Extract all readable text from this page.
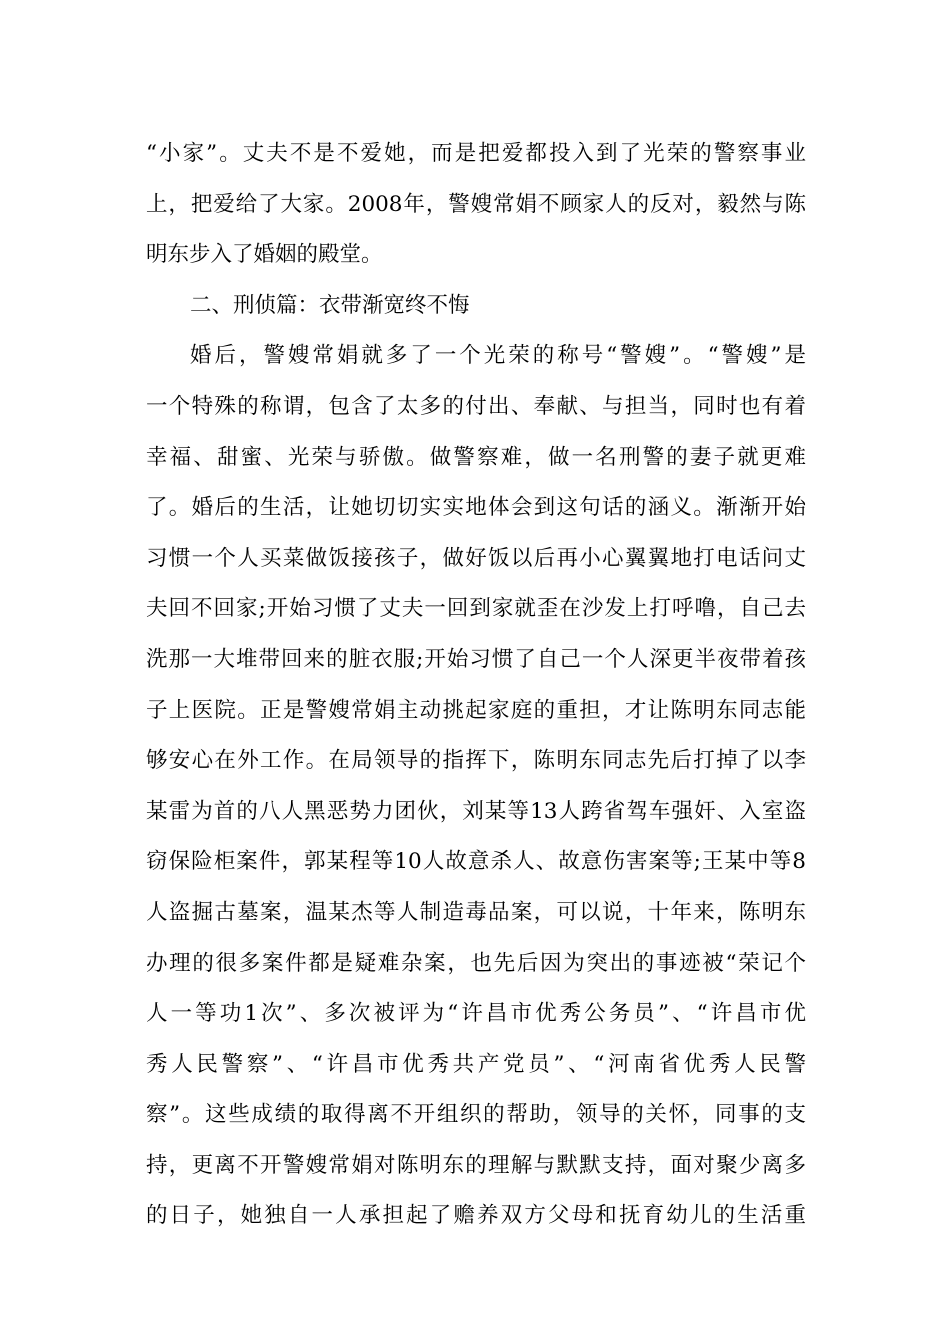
“小家”。丈夫不是不爱她，而是把爱都投入到了光荣的警察事业
上，把爱给了大家。2008年，警嫂常娟不顾家人的反对，毅然与陈
明东步入了婚姻的殿堂。
二、刑侦篇：衣带渐宽终不悔
婚后，警嫂常娟就多了一个光荣的称号“警嫂”。“警嫂”是
一个特殊的称谓，包含了太多的付出、奉献、与担当，同时也有着
幸福、甜蜜、光荣与骄傲。做警察难，做一名刑警的妻子就更难
了。婚后的生活，让她切切实实地体会到这句话的涵义。渐渐开始
习惯一个人买菜做饭接孩子，做好饭以后再小心翼翼地打电话问丈
夫回不回家;开始习惯了丈夫一回到家就歪在沙发上打呼噜，自己去
洗那一大堆带回来的脏衣服;开始习惯了自己一个人深更半夜带着孩
子上医院。正是警嫂常娟主动挑起家庭的重担，才让陈明东同志能
够安心在外工作。在局领导的指挥下，陈明东同志先后打掉了以李
某雷为首的八人黑恶势力团伙，刘某等13人跨省驾车强奸、入室盗
窃保险柜案件，郭某程等10人故意杀人、故意伤害案等;王某中等8
人盗掘古墓案，温某杰等人制造毒品案，可以说，十年来，陈明东
办理的很多案件都是疑难杂案，也先后因为突出的事迹被“荣记个
人一等功1次”、多次被评为“许昌市优秀公务员”、“许昌市优
秀人民警察”、“许昌市优秀共产党员”、“河南省优秀人民警
察”。这些成绩的取得离不开组织的帮助，领导的关怀，同事的支
持，更离不开警嫂常娟对陈明东的理解与默默支持，面对聚少离多
的日子，她独自一人承担起了赡养双方父母和抚育幼儿的生活重
